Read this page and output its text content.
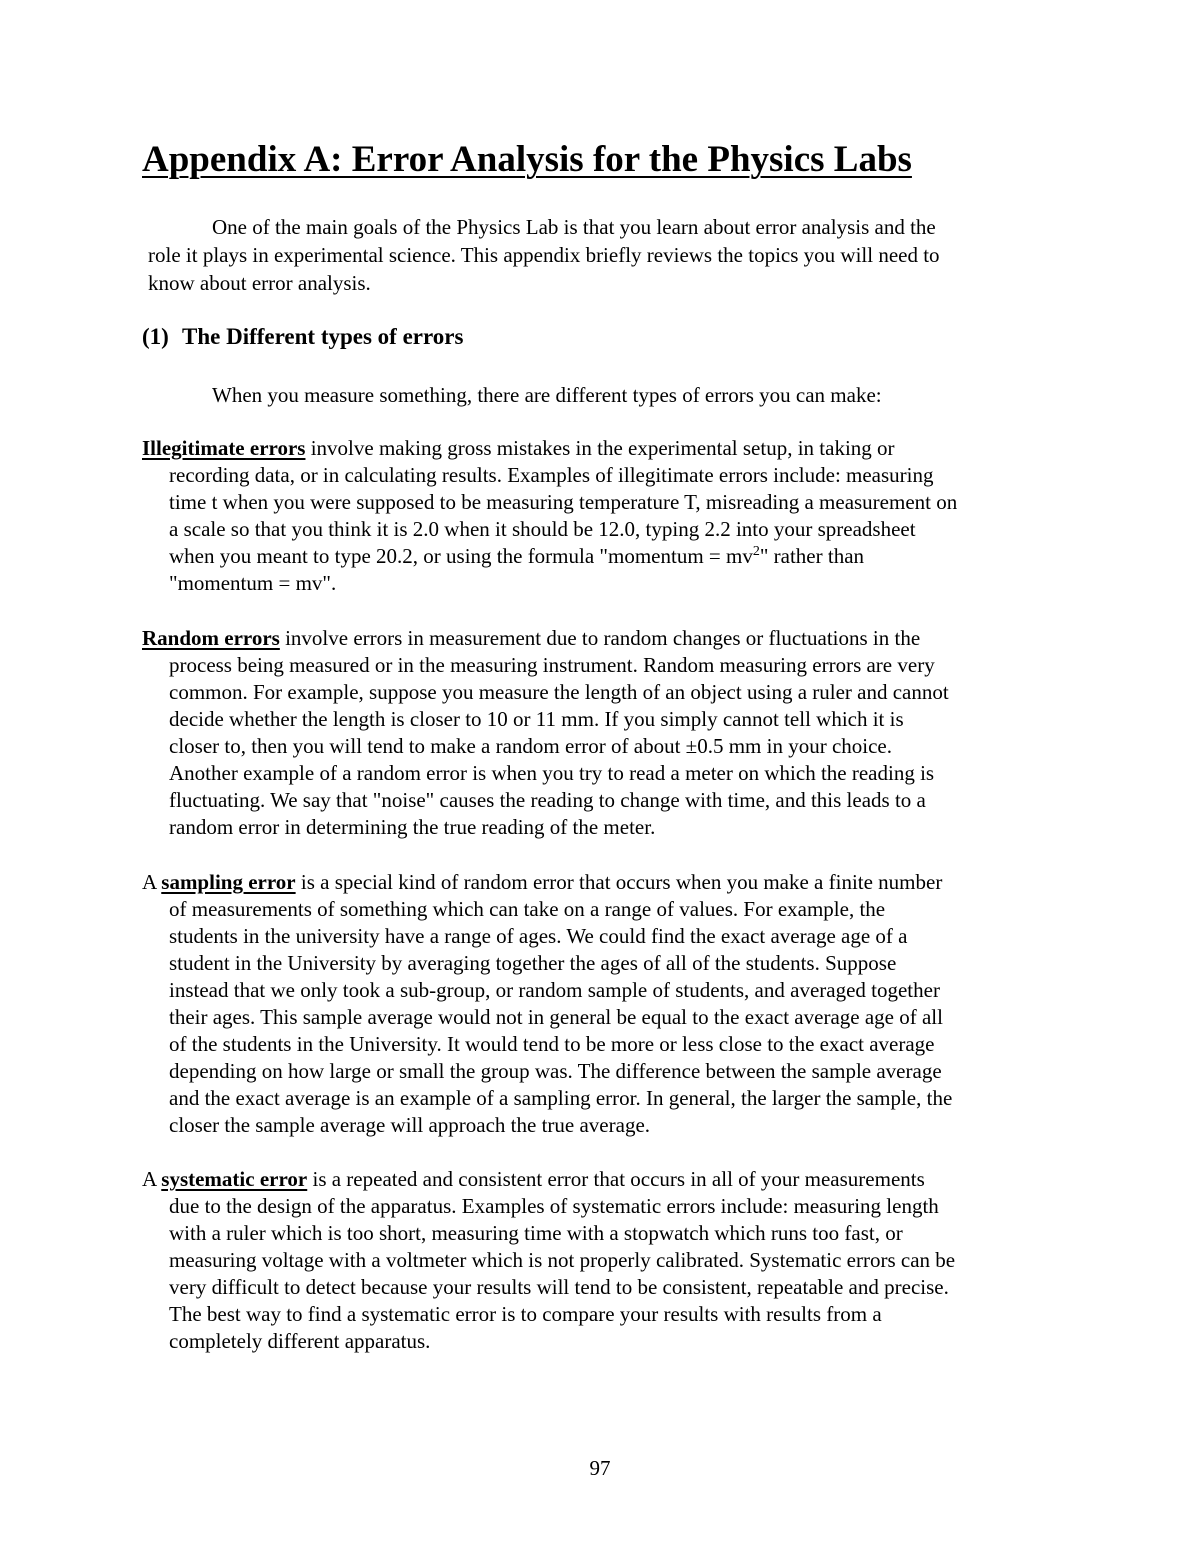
Appendix A: Error Analysis for the Physics Labs
One of the main goals of the Physics Lab is that you learn about error analysis and the
role it plays in experimental science. This appendix briefly reviews the topics you will need to
know about error analysis.
(1) The Different types of errors

When you measure something, there are different types of errors you can make:

Illegitimate errors involve making gross mistakes in the experimental setup, in taking or
recording data, or in calculating results. Examples of illegitimate errors include: measuring
time t when you were supposed to be measuring temperature T, misreading a measurement on
a scale so that you think it is 2.0 when it should be 12.0, typing 2.2 into your spreadsheet
when you meant to type 20.2, or using the formula "momentum = $mv^2$" rather than
"momentum = mv".
Random errors involve errors in measurement due to random changes or fluctuations in the
process being measured or in the measuring instrument. Random measuring errors are very
common. For example, suppose you measure the length of an object using a ruler and cannot
decide whether the length is closer to 10 or 11 mm. If you simply cannot tell which it is
closer to, then you will tend to make a random error of about ±0.5 mm in your choice.
Another example of a random error is when you try to read a meter on which the reading is
fluctuating. We say that "noise" causes the reading to change with time, and this leads to a
random error in determining the true reading of the meter.
A sampling error is a special kind of random error that occurs when you make a finite number
of measurements of something which can take on a range of values. For example, the
students in the university have a range of ages. We could find the exact average age of a
student in the University by averaging together the ages of all of the students. Suppose
instead that we only took a sub-group, or random sample of students, and averaged together
their ages. This sample average would not in general be equal to the exact average age of all
of the students in the University. It would tend to be more or less close to the exact average
depending on how large or small the group was. The difference between the sample average
and the exact average is an example of a sampling error. In general, the larger the sample, the
closer the sample average will approach the true average.
A systematic error is a repeated and consistent error that occurs in all of your measurements
due to the design of the apparatus. Examples of systematic errors include: measuring length
with a ruler which is too short, measuring time with a stopwatch which runs too fast, or
measuring voltage with a voltmeter which is not properly calibrated. Systematic errors can be
very difficult to detect because your results will tend to be consistent, repeatable and precise.
The best way to find a systematic error is to compare your results with results from a
completely different apparatus.

97
